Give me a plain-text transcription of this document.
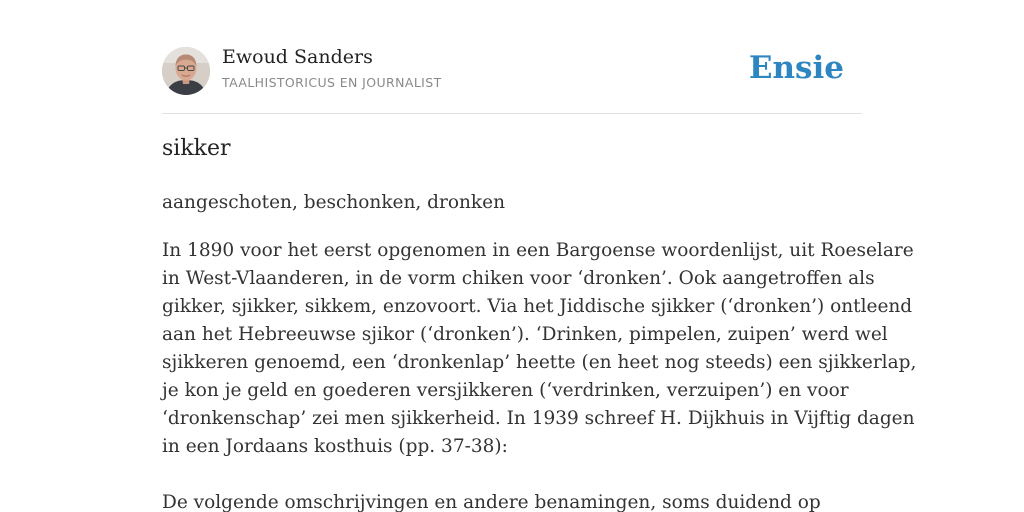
Ewoud Sanders
TAALHISTORICUS EN JOURNALIST	Ensie
sikker

aangeschoten, beschonken, dronken

In 1890 voor het eerst opgenomen in een Bargoense woordenlijst, uit Roeselare
in West-Vlaanderen, in de vorm chiken voor ‘dronken’. Ook aangetroffen als
gikker, sjikker, sikkem, enzovoort. Via het Jiddische sjikker (‘dronken’) ontleend
aan het Hebreeuwse sjikor (‘dronken’). ‘Drinken, pimpelen, zuipen’ werd wel
sjikkeren genoemd, een ‘dronkenlap’ heette (en heet nog steeds) een sjikkerlap,
je kon je geld en goederen versjikkeren (‘verdrinken, verzuipen’) en voor
‘dronkenschap’ zei men sjikkerheid. In 1939 schreef H. Dijkhuis in Vijftig dagen
in een Jordaans kosthuis (pp. 37-38):
De volgende omschrijvingen en andere benamingen, soms duidend op
